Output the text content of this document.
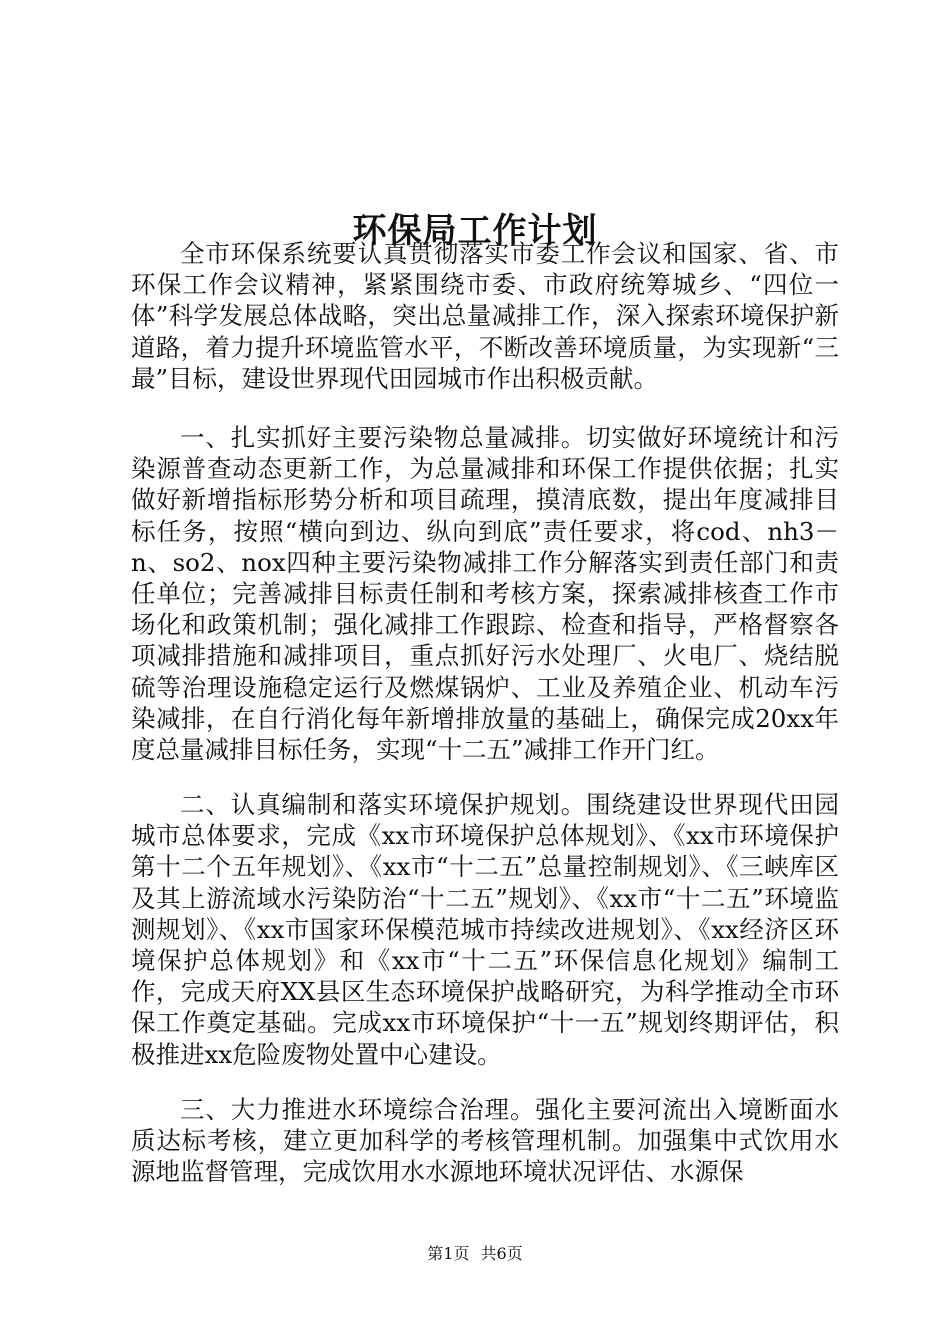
环保局工作计划

全市环保系统要认真贯彻落实市委工作会议和国家、省、市环保工作会议精神，紧紧围绕市委、市政府统筹城乡、“四位一体”科学发展总体战略，突出总量减排工作，深入探索环境保护新道路，着力提升环境监管水平，不断改善环境质量，为实现新“三最”目标，建设世界现代田园城市作出积极贡献。

一、扎实抓好主要污染物总量减排。切实做好环境统计和污染源普查动态更新工作，为总量减排和环保工作提供依据；扎实做好新增指标形势分析和项目疏理，摸清底数，提出年度减排目标任务，按照“横向到边、纵向到底”责任要求，将cod、nh3－n、so2、nox四种主要污染物减排工作分解落实到责任部门和责任单位；完善减排目标责任制和考核方案，探索减排核查工作市场化和政策机制；强化减排工作跟踪、检查和指导，严格督察各项减排措施和减排项目，重点抓好污水处理厂、火电厂、烧结脱硫等治理设施稳定运行及燃煤锅炉、工业及养殖企业、机动车污染减排，在自行消化每年新增排放量的基础上，确保完成20xx年度总量减排目标任务，实现“十二五”减排工作开门红。

二、认真编制和落实环境保护规划。围绕建设世界现代田园城市总体要求，完成《xx市环境保护总体规划》、《xx市环境保护第十二个五年规划》、《xx市“十二五”总量控制规划》、《三峡库区及其上游流域水污染防治“十二五”规划》、《xx市“十二五”环境监测规划》、《xx市国家环保模范城市持续改进规划》、《xx经济区环境保护总体规划》和《xx市“十二五”环保信息化规划》编制工作，完成天府XX县区生态环境保护战略研究，为科学推动全市环保工作奠定基础。完成xx市环境保护“十一五”规划终期评估，积极推进xx危险废物处置中心建设。

三、大力推进水环境综合治理。强化主要河流出入境断面水质达标考核，建立更加科学的考核管理机制。加强集中式饮用水源地监督管理，完成饮用水水源地环境状况评估、水源保

第1页 共6页
